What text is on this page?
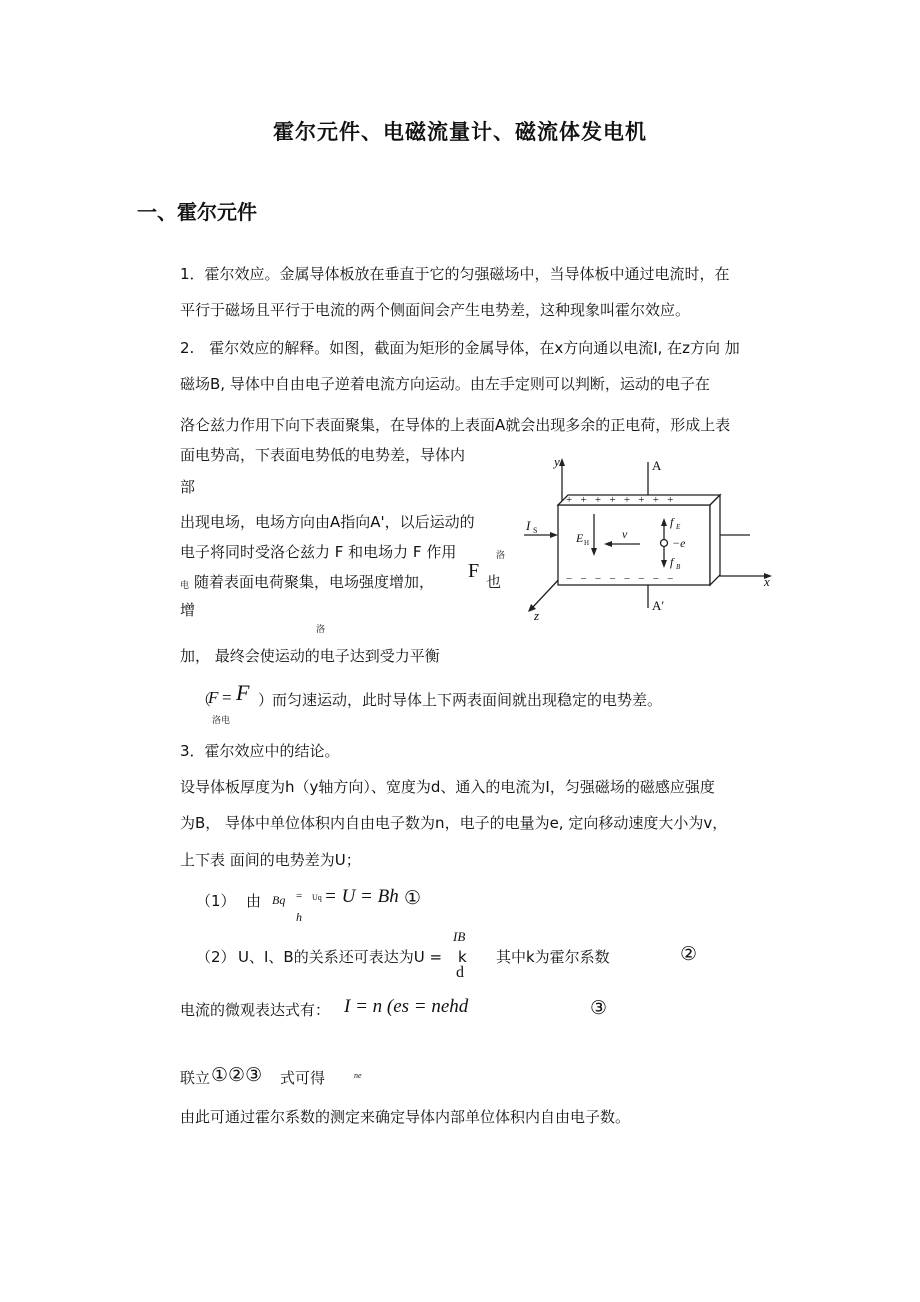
霍尔元件、电磁流量计、磁流体发电机
一、霍尔元件
1．霍尔效应。金属导体板放在垂直于它的匀强磁场中，当导体板中通过电流时，在
平行于磁场且平行于电流的两个侧面间会产生电势差，这种现象叫霍尔效应。
2.　霍尔效应的解释。如图，截面为矩形的金属导体，在x方向通以电流I, 在z方向 加
磁场B, 导体中自由电子逆着电流方向运动。由左手定则可以判断，运动的电子在
洛仑兹力作用下向下表面聚集，在导体的上表面A就会出现多余的正电荷，形成上表
面电势高，下表面电势低的电势差，导体内
部
出现电场，电场方向由A指向A'，以后运动的
电子将同时受洛仑兹力 F 和电场力 F 作用	洛
电 随着表面电荷聚集，电场强度增加， F 也
增
洛
加， 最终会使运动的电子达到受力平衡
（
F = F ）
洛电
而匀速运动，此时导体上下两表面间就出现稳定的电势差。
3．霍尔效应中的结论。
设导体板厚度为h（y轴方向）、宽度为d、通入的电流为I，匀强磁场的磁感应强度
为B， 导体中单位体积内自由电子数为n，电子的电量为e, 定向移动速度大小为v，
上下表 面间的电势差为U；
（1） 由 Bq
h
Uq
= = U = Bh ①
（2） U、I、B的关系还可表达为U =
IB
k
d
其中k为霍尔系数	②
电流的微观表达式有： I = n (es = nehd	③
联立 ①②③ 式可得	ne
由此可通过霍尔系数的测定来确定导体内部单位体积内自由电子数。
y
x
z
A
A′
I S
E H
v
f E
−e
f B
+   +   +   +   +   +   +   +
−   −   −   −   −   −   −   −
